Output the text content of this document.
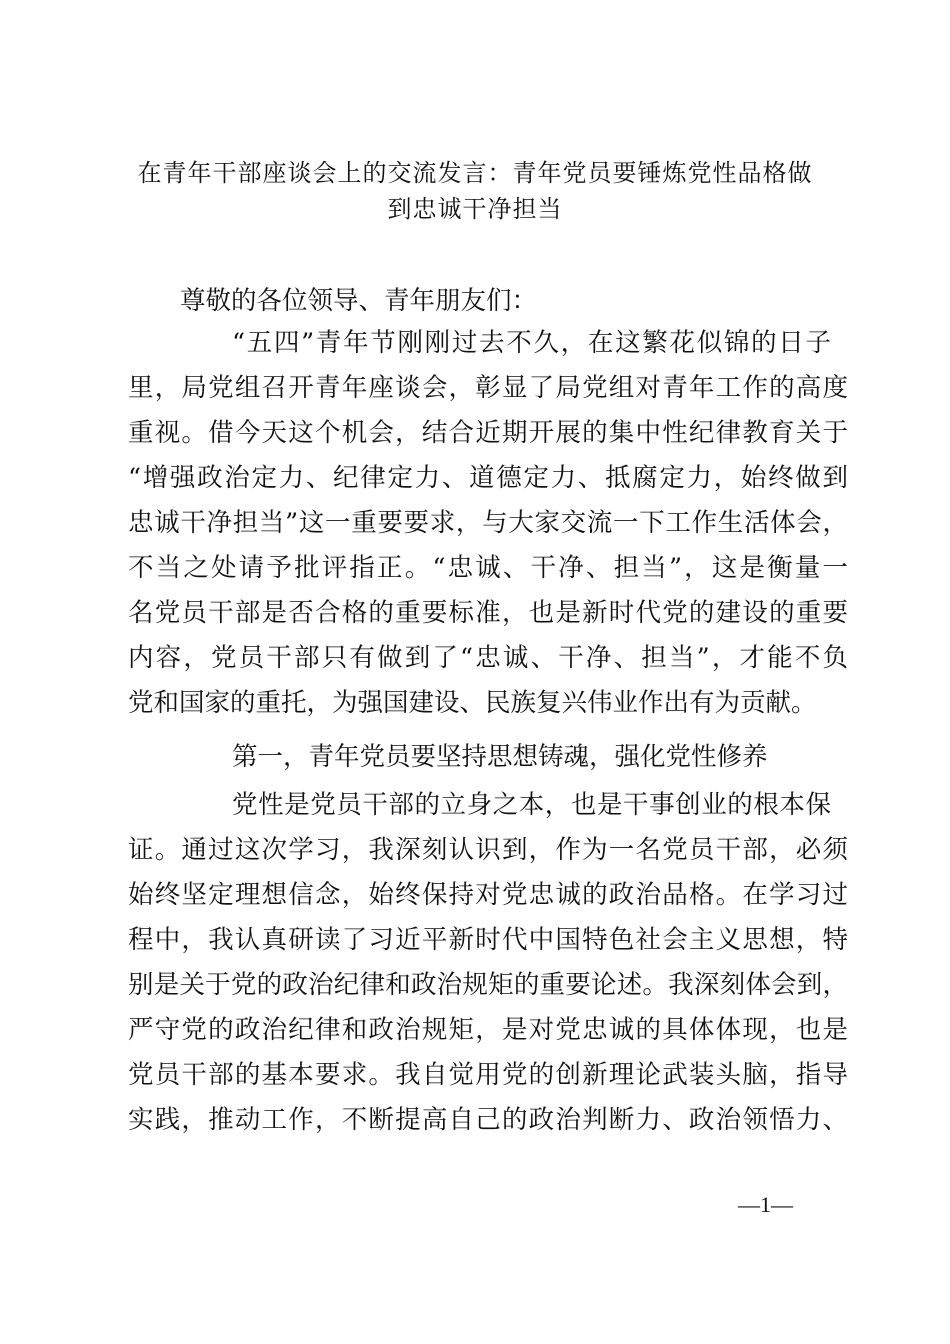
在青年干部座谈会上的交流发言：青年党员要锤炼党性品格做
到忠诚干净担当
尊敬的各位领导、青年朋友们：
“五四”青年节刚刚过去不久，在这繁花似锦的日子
里，局党组召开青年座谈会，彰显了局党组对青年工作的高度
重视。借今天这个机会，结合近期开展的集中性纪律教育关于
“增强政治定力、纪律定力、道德定力、抵腐定力，始终做到
忠诚干净担当”这一重要要求，与大家交流一下工作生活体会，
不当之处请予批评指正。“忠诚、干净、担当”，这是衡量一
名党员干部是否合格的重要标准，也是新时代党的建设的重要
内容，党员干部只有做到了“忠诚、干净、担当”，才能不负
党和国家的重托，为强国建设、民族复兴伟业作出有为贡献。
第一，青年党员要坚持思想铸魂，强化党性修养
党性是党员干部的立身之本，也是干事创业的根本保
证。通过这次学习，我深刻认识到，作为一名党员干部，必须
始终坚定理想信念，始终保持对党忠诚的政治品格。在学习过
程中，我认真研读了习近平新时代中国特色社会主义思想，特
别是关于党的政治纪律和政治规矩的重要论述。我深刻体会到，
严守党的政治纪律和政治规矩，是对党忠诚的具体体现，也是
党员干部的基本要求。我自觉用党的创新理论武装头脑，指导
实践，推动工作，不断提高自己的政治判断力、政治领悟力、
—1—
